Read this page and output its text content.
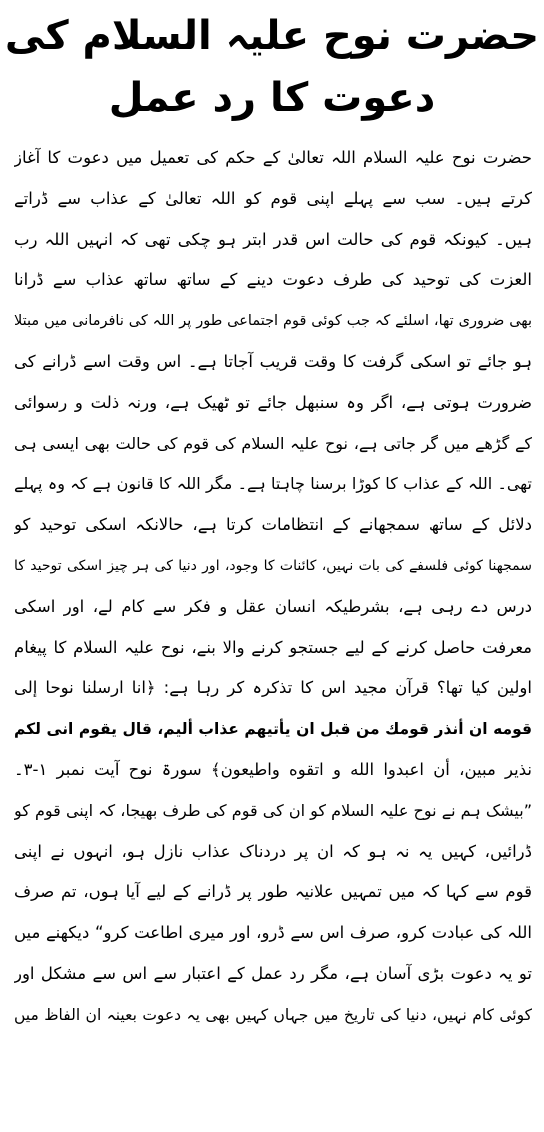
حضرت نوح علیہ السلام کی
دعوت کا رد عمل
حضرت نوح علیہ السلام اللہ تعالیٰ کے حکم کی تعمیل میں دعوت کا آغاز
کرتے ہیں۔ سب سے پہلے اپنی قوم کو اللہ تعالیٰ کے عذاب سے ڈراتے
ہیں۔ کیونکہ قوم کی حالت اس قدر ابتر ہو چکی تھی کہ انہیں اللہ رب
العزت کی توحید کی طرف دعوت دینے کے ساتھ ساتھ عذاب سے ڈرانا
بھی ضروری تھا، اسلئے کہ جب کوئی قوم اجتماعی طور پر اللہ کی نافرمانی میں مبتلا
ہو جائے تو اسکی گرفت کا وقت قریب آجاتا ہے۔ اس وقت اسے ڈرانے کی
ضرورت ہوتی ہے، اگر وہ سنبھل جائے تو ٹھیک ہے، ورنہ ذلت و رسوائی
کے گڑھے میں گر جاتی ہے، نوح علیہ السلام کی قوم کی حالت بھی ایسی ہی
تھی۔ اللہ کے عذاب کا کوڑا برسنا چاہتا ہے۔ مگر اللہ کا قانون ہے کہ وہ پہلے
دلائل کے ساتھ سمجھانے کے انتظامات کرتا ہے، حالانکہ اسکی توحید کو
سمجھنا کوئی فلسفے کی بات نہیں، کائنات کا وجود، اور دنیا کی ہر چیز اسکی توحید کا
درس دے رہی ہے، بشرطیکہ انسان عقل و فکر سے کام لے، اور اسکی
معرفت حاصل کرنے کے لیے جستجو کرنے والا بنے، نوح علیہ السلام کا پیغام
اولین کیا تھا؟ قرآن مجید اس کا تذکرہ کر رہا ہے: ﴿انا ارسلنا نوحا إلى
قومه ان أنذر قومك من قبل ان يأتيهم عذاب أليم، قال يقوم انى لكم
نذير مبين، أن اعبدوا الله و اتقوه واطيعون﴾ سورۃ نوح آیت نمبر ۱-۳۔
”بیشک ہم نے نوح علیہ السلام کو ان کی قوم کی طرف بھیجا، کہ اپنی قوم کو
ڈرائیں، کہیں یہ نہ ہو کہ ان پر دردناک عذاب نازل ہو، انہوں نے اپنی
قوم سے کہا کہ میں تمہیں علانیہ طور پر ڈرانے کے لیے آیا ہوں، تم صرف
اللہ کی عبادت کرو، صرف اس سے ڈرو، اور میری اطاعت کرو“ دیکھنے میں
تو یہ دعوت بڑی آسان ہے، مگر رد عمل کے اعتبار سے اس سے مشکل اور
کوئی کام نہیں، دنیا کی تاریخ میں جہاں کہیں بھی یہ دعوت بعینہ ان الفاظ میں
